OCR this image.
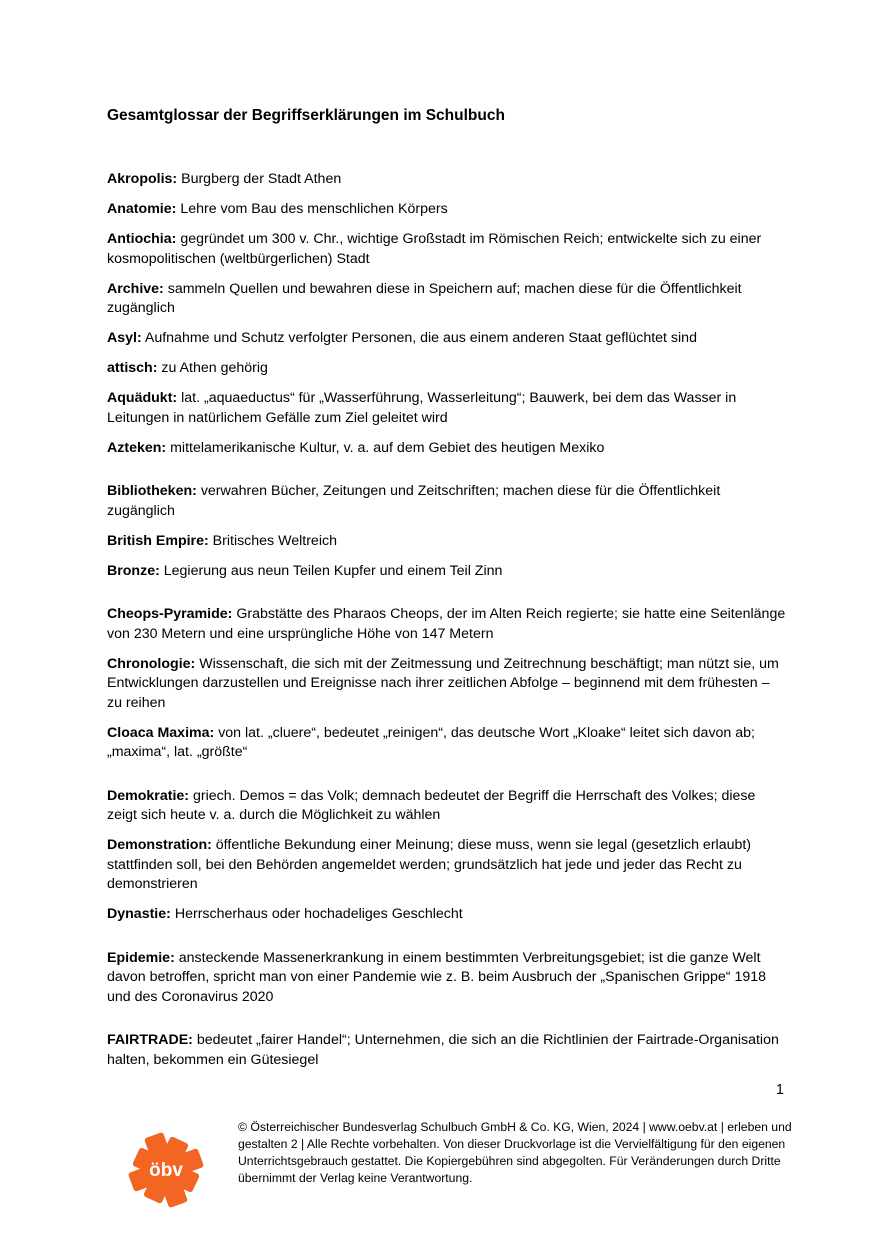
Gesamtglossar der Begriffserklärungen im Schulbuch

Akropolis: Burgberg der Stadt Athen

Anatomie: Lehre vom Bau des menschlichen Körpers

Antiochia: gegründet um 300 v. Chr., wichtige Großstadt im Römischen Reich; entwickelte sich zu einer kosmopolitischen (weltbürgerlichen) Stadt

Archive: sammeln Quellen und bewahren diese in Speichern auf; machen diese für die Öffentlichkeit zugänglich

Asyl: Aufnahme und Schutz verfolgter Personen, die aus einem anderen Staat geflüchtet sind

attisch: zu Athen gehörig

Aquädukt: lat. „aquaeductus“ für „Wasserführung, Wasserleitung“; Bauwerk, bei dem das Wasser in Leitungen in natürlichem Gefälle zum Ziel geleitet wird

Azteken: mittelamerikanische Kultur, v. a. auf dem Gebiet des heutigen Mexiko

Bibliotheken: verwahren Bücher, Zeitungen und Zeitschriften; machen diese für die Öffentlichkeit zugänglich

British Empire: Britisches Weltreich

Bronze: Legierung aus neun Teilen Kupfer und einem Teil Zinn

Cheops-Pyramide: Grabstätte des Pharaos Cheops, der im Alten Reich regierte; sie hatte eine Seitenlänge von 230 Metern und eine ursprüngliche Höhe von 147 Metern

Chronologie: Wissenschaft, die sich mit der Zeitmessung und Zeitrechnung beschäftigt; man nützt sie, um Entwicklungen darzustellen und Ereignisse nach ihrer zeitlichen Abfolge – beginnend mit dem frühesten – zu reihen

Cloaca Maxima: von lat. „cluere“, bedeutet „reinigen“, das deutsche Wort „Kloake“ leitet sich davon ab; „maxima“, lat. „größte“

Demokratie: griech. Demos = das Volk; demnach bedeutet der Begriff die Herrschaft des Volkes; diese zeigt sich heute v. a. durch die Möglichkeit zu wählen

Demonstration: öffentliche Bekundung einer Meinung; diese muss, wenn sie legal (gesetzlich erlaubt) stattfinden soll, bei den Behörden angemeldet werden; grundsätzlich hat jede und jeder das Recht zu demonstrieren

Dynastie: Herrscherhaus oder hochadeliges Geschlecht

Epidemie: ansteckende Massenerkrankung in einem bestimmten Verbreitungsgebiet; ist die ganze Welt davon betroffen, spricht man von einer Pandemie wie z. B. beim Ausbruch der „Spanischen Grippe“ 1918 und des Coronavirus 2020

FAIRTRADE: bedeutet „fairer Handel“; Unternehmen, die sich an die Richtlinien der Fairtrade-Organisation halten, bekommen ein Gütesiegel

1
öbv

© Österreichischer Bundesverlag Schulbuch GmbH & Co. KG, Wien, 2024 | www.oebv.at | erleben und gestalten 2 | Alle Rechte vorbehalten. Von dieser Druckvorlage ist die Vervielfältigung für den eigenen Unterrichtsgebrauch gestattet. Die Kopiergebühren sind abgegolten. Für Veränderungen durch Dritte übernimmt der Verlag keine Verantwortung.
